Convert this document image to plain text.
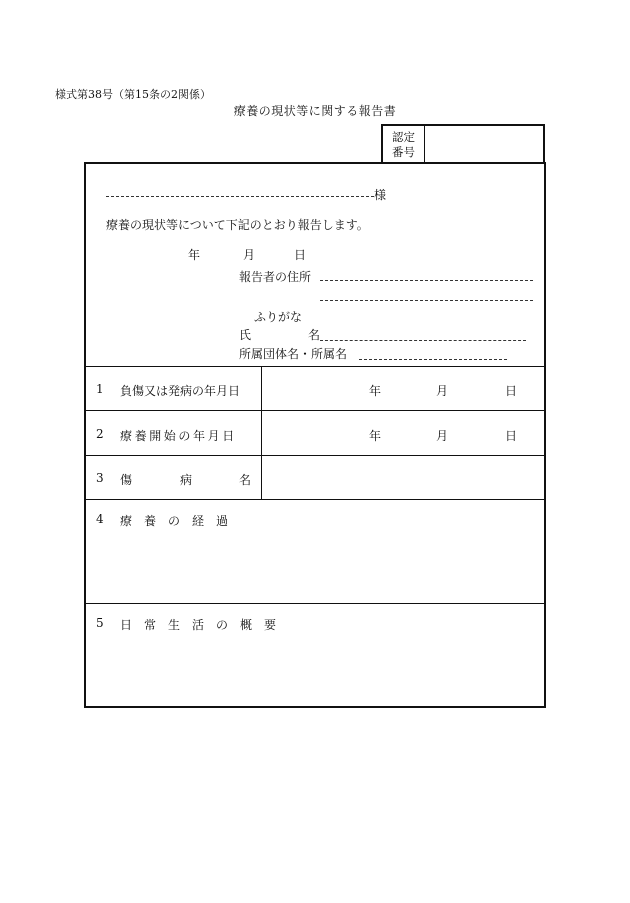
様式第38号（第15条の2関係）
療養の現状等に関する報告書
認定
番号
様
療養の現状等について下記のとおり報告します。
年	月	日
報告者の住所
ふりがな
氏	名
所属団体名・所属名
1 負傷又は発病の年月日	年	月	日
2 療養開始の年月日	年	月	日
3 傷	病	名
4 療　養　の　経　過
5 日　常　生　活　の　概　要
